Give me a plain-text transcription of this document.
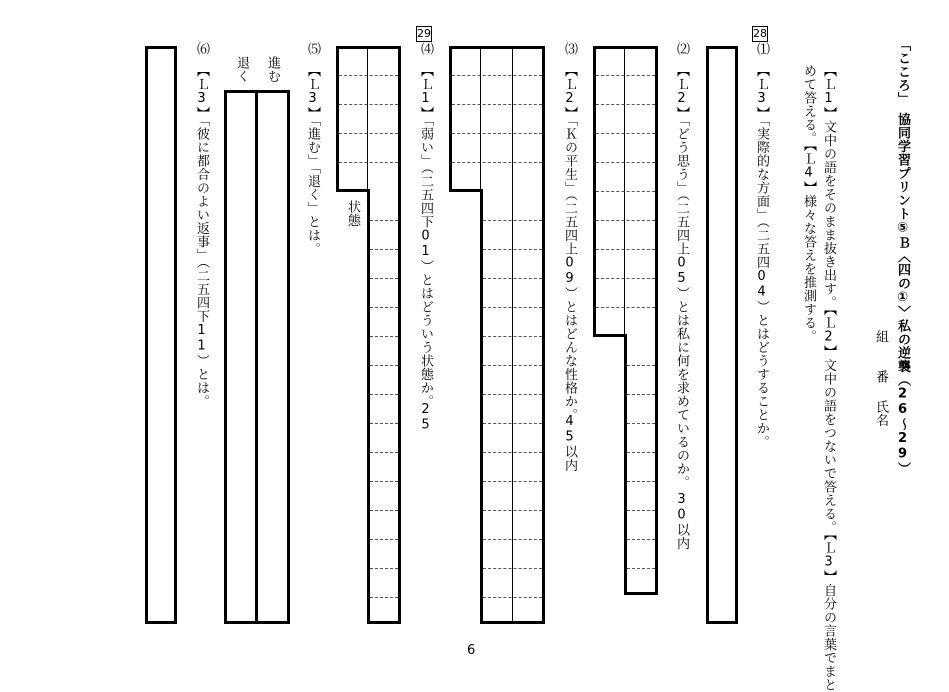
「こころ」　協同学習プリント⑤Ｂ〈四の①〉私の逆襲（26〜29）
組
番
氏名
【Ｌ1】文中の語をそのまま抜き出す。【Ｌ2】文中の語をつないで答える。【Ｌ3】自分の言葉でまと
めて答える。【Ｌ4】様々な答えを推測する。
28
⑴
【Ｌ3】「実際的な方面」（二五四04）とはどうすることか。
⑵
【Ｌ2】「どう思う」（二五四上05）とは私に何を求めているのか。
30以内
⑶
【Ｌ2】「Ｋの平生」（二五四上09）とはどんな性格か。
45以内
29
⑷
【Ｌ1】「弱い」（二五四下01）とはどういう状態か。
25
状態
⑸
【Ｌ3】「進む」「退く」とは。
進む
退く
⑹
【Ｌ3】「彼に都合のよい返事」（二五四下11）とは。
6
